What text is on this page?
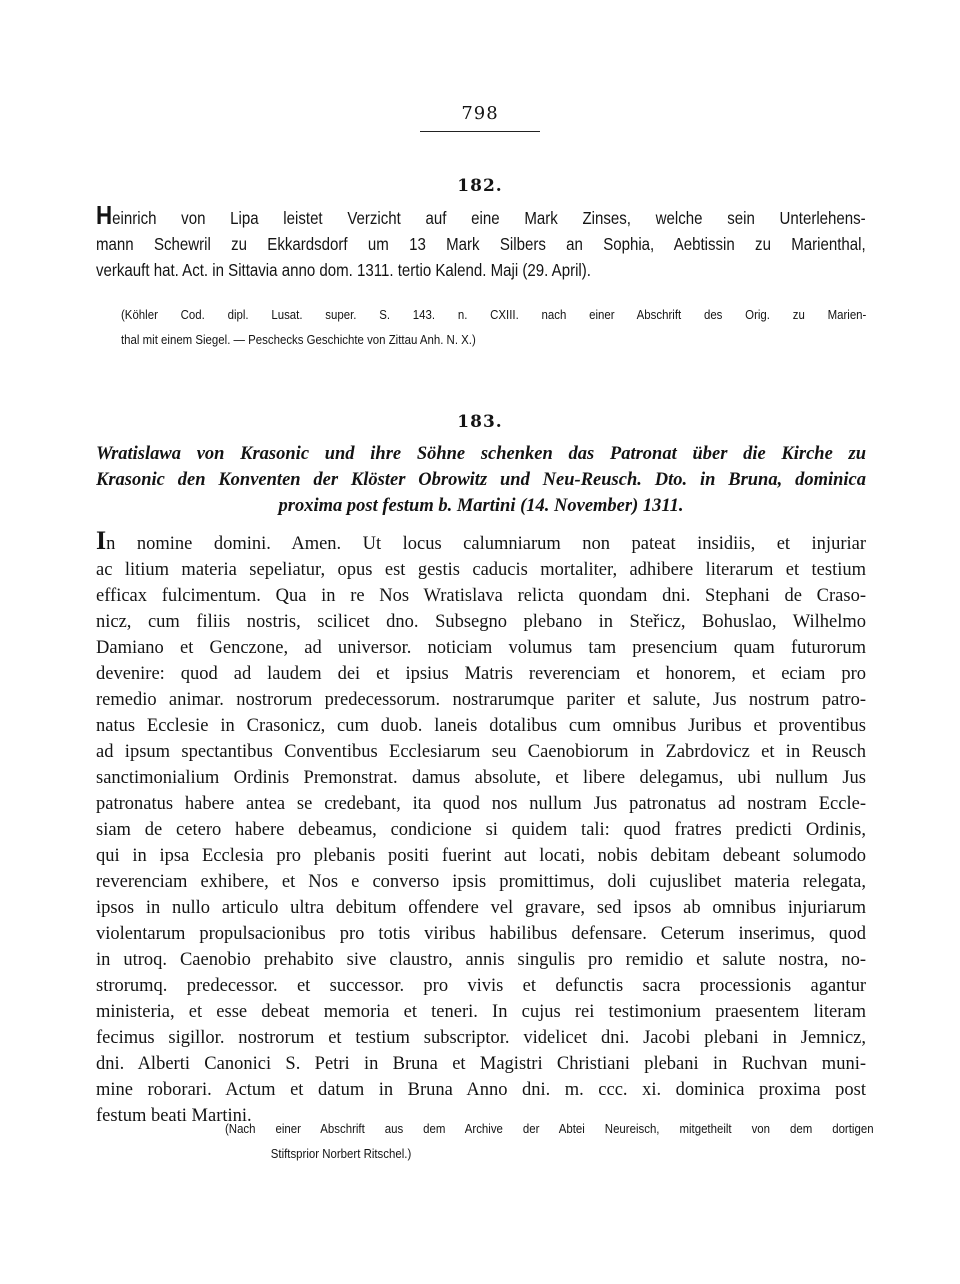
798
182.
Heinrich von Lipa leistet Verzicht auf eine Mark Zinses, welche sein Unterlehens-
mann Schewril zu Ekkardsdorf um 13 Mark Silbers an Sophia, Aebtissin zu Marienthal,
verkauft hat. Act. in Sittavia anno dom. 1311. tertio Kalend. Maji (29. April).
(Köhler Cod. dipl. Lusat. super. S. 143. n. CXIII. nach einer Abschrift des Orig. zu Marien-
thal mit einem Siegel. — Peschecks Geschichte von Zittau Anh. N. X.)
183.
Wratislawa von Krasonic und ihre Söhne schenken das Patronat über die Kirche zu
Krasonic den Konventen der Klöster Obrowitz und Neu-Reusch. Dto. in Bruna, dominica
proxima post festum b. Martini (14. November) 1311.
In nomine domini. Amen. Ut locus calumniarum non pateat insidiis, et injuriar
ac litium materia sepeliatur, opus est gestis caducis mortaliter, adhibere literarum et testium
efficax fulcimentum. Qua in re Nos Wratislava relicta quondam dni. Stephani de Craso-
nicz, cum filiis nostris, scilicet dno. Subsegno plebano in Steřicz, Bohuslao, Wilhelmo
Damiano et Genczone, ad universor. noticiam volumus tam presencium quam futurorum
devenire: quod ad laudem dei et ipsius Matris reverenciam et honorem, et eciam pro
remedio animar. nostrorum predecessorum. nostrarumque pariter et salute, Jus nostrum patro-
natus Ecclesie in Crasonicz, cum duob. laneis dotalibus cum omnibus Juribus et proventibus
ad ipsum spectantibus Conventibus Ecclesiarum seu Caenobiorum in Zabrdovicz et in Reusch
sanctimonialium Ordinis Premonstrat. damus absolute, et libere delegamus, ubi nullum Jus
patronatus habere antea se credebant, ita quod nos nullum Jus patronatus ad nostram Eccle-
siam de cetero habere debeamus, condicione si quidem tali: quod fratres predicti Ordinis,
qui in ipsa Ecclesia pro plebanis positi fuerint aut locati, nobis debitam debeant solumodo
reverenciam exhibere, et Nos e converso ipsis promittimus, doli cujuslibet materia relegata,
ipsos in nullo articulo ultra debitum offendere vel gravare, sed ipsos ab omnibus injuriarum
violentarum propulsacionibus pro totis viribus habilibus defensare. Ceterum inserimus, quod
in utroq. Caenobio prehabito sive claustro, annis singulis pro remidio et salute nostra, no-
strorumq. predecessor. et successor. pro vivis et defunctis sacra processionis agantur
ministeria, et esse debeat memoria et teneri. In cujus rei testimonium praesentem literam
fecimus sigillor. nostrorum et testium subscriptor. videlicet dni. Jacobi plebani in Jemnicz,
dni. Alberti Canonici S. Petri in Bruna et Magistri Christiani plebani in Ruchvan muni-
mine roborari. Actum et datum in Bruna Anno dni. m. ccc. xi. dominica proxima post
festum beati Martini.
(Nach einer Abschrift aus dem Archive der Abtei Neureisch, mitgetheilt von dem dortigen
Stiftsprior Norbert Ritschel.)
